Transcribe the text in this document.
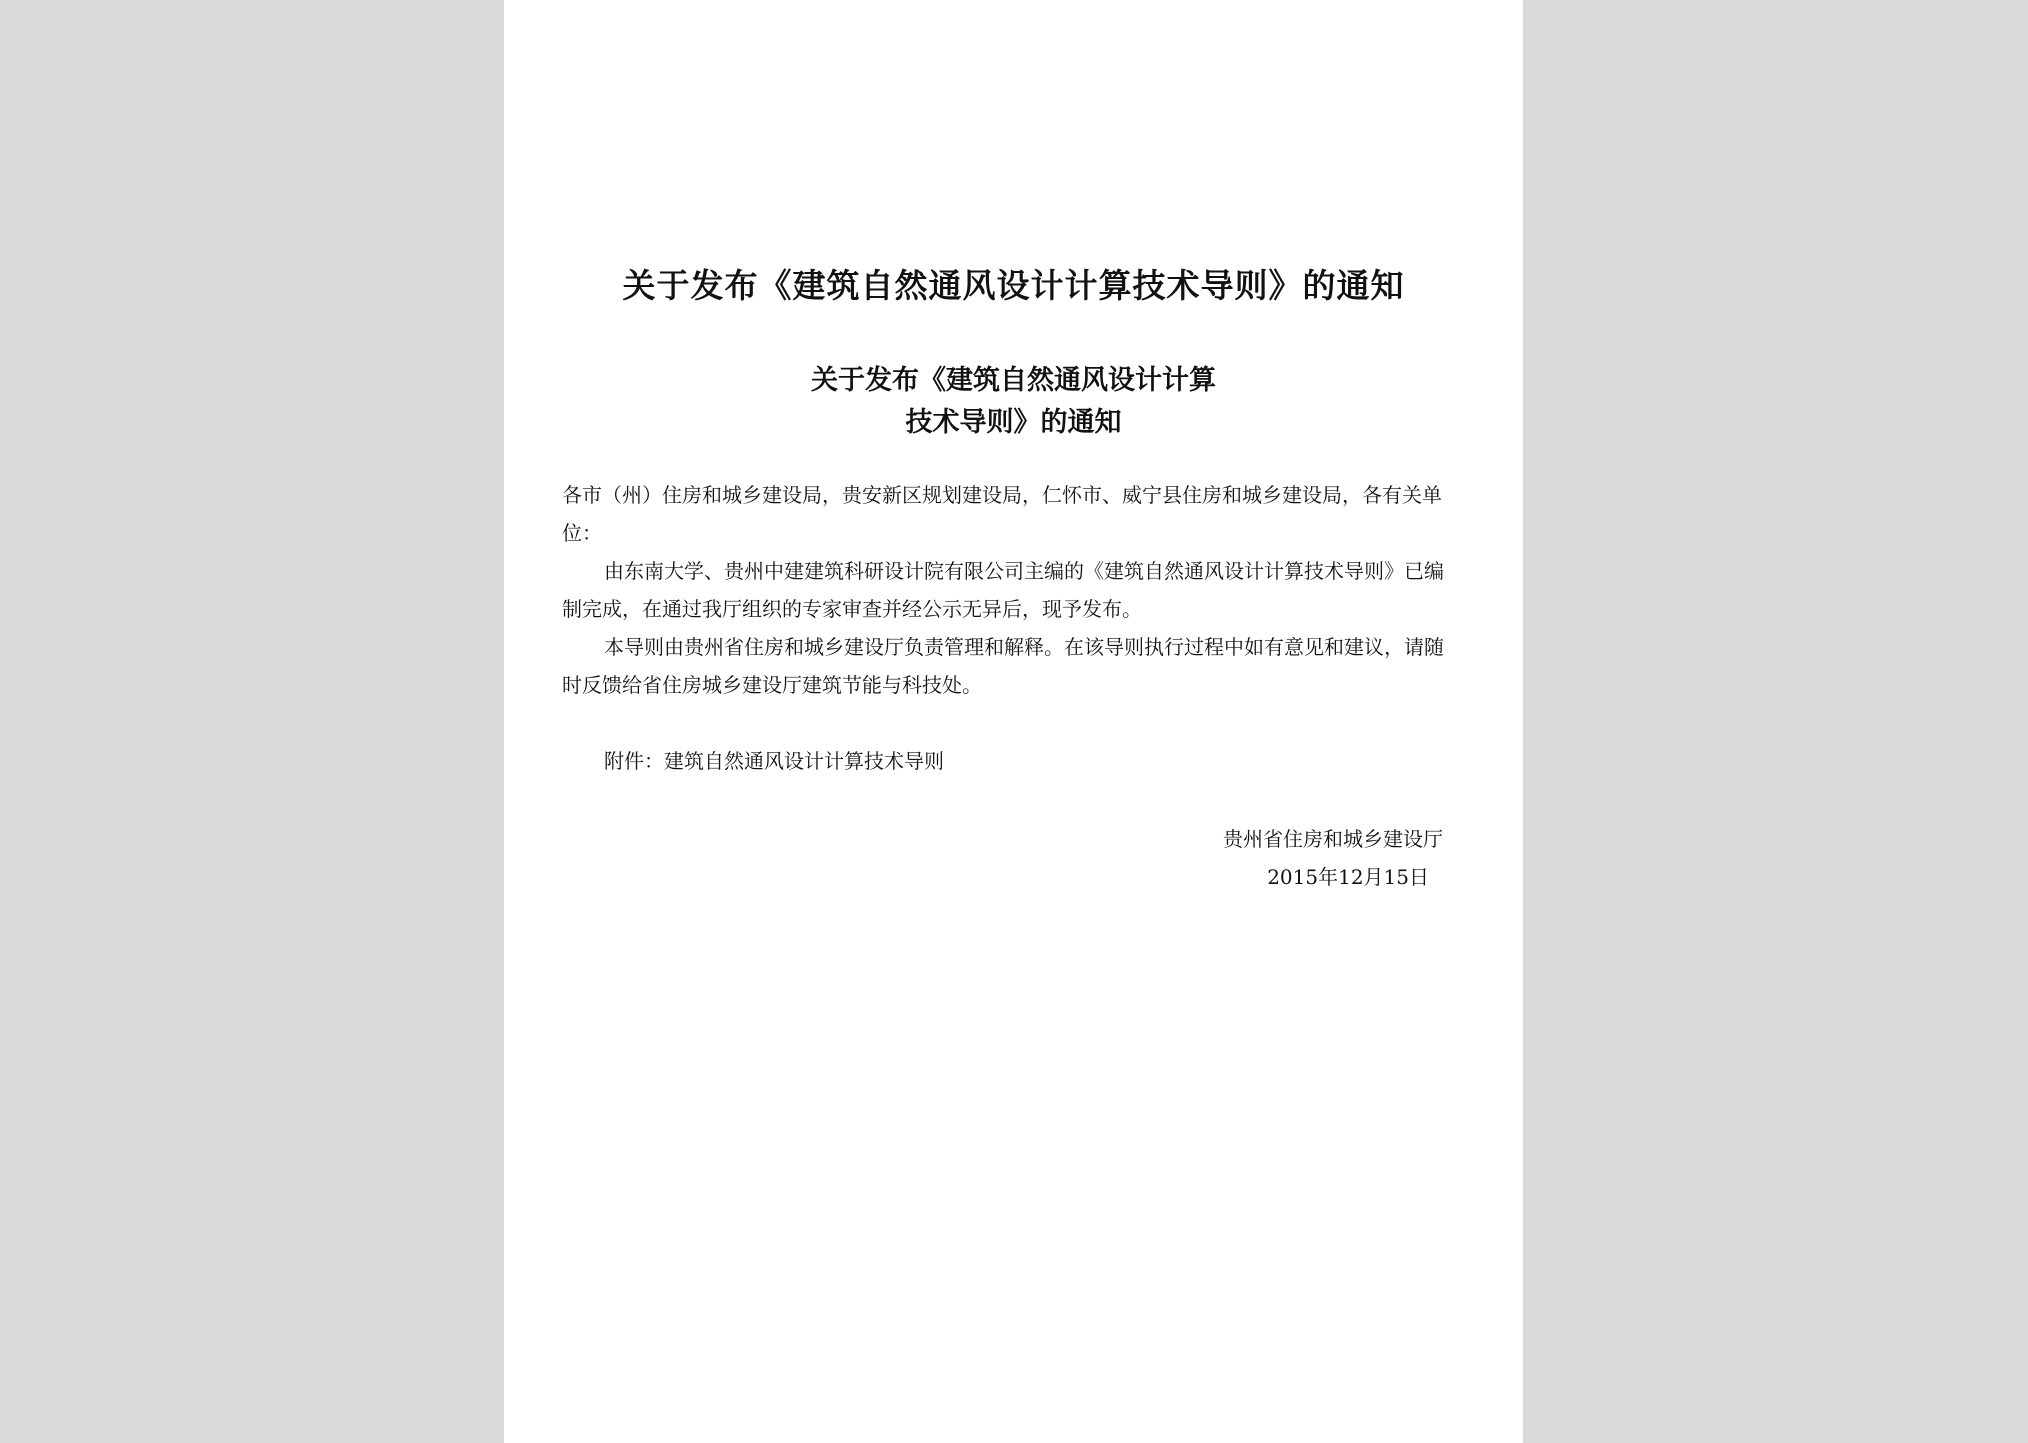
关于发布《建筑自然通风设计计算技术导则》的通知
关于发布《建筑自然通风设计计算
技术导则》的通知

各市（州）住房和城乡建设局，贵安新区规划建设局，仁怀市、威宁县住房和城乡建设局，各有关单位：

由东南大学、贵州中建建筑科研设计院有限公司主编的《建筑自然通风设计计算技术导则》已编制完成，在通过我厅组织的专家审查并经公示无异后，现予发布。

本导则由贵州省住房和城乡建设厅负责管理和解释。在该导则执行过程中如有意见和建议，请随时反馈给省住房城乡建设厅建筑节能与科技处。

附件：建筑自然通风设计计算技术导则
贵州省住房和城乡建设厅
2015年12月15日
